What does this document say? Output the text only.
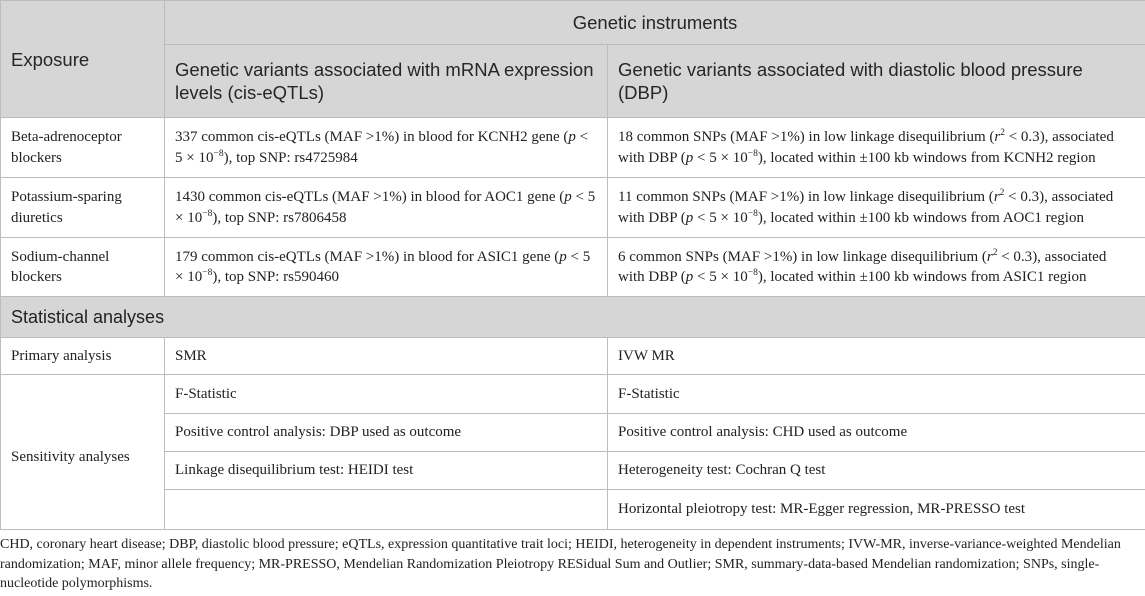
Exposure	Genetic instruments	
	Genetic variants associated with mRNA expression levels (cis-eQTLs)	Genetic variants associated with diastolic blood pressure (DBP)
Beta-adrenoceptor blockers	337 common cis-eQTLs (MAF >1%) in blood for KCNH2 gene $(p < 5 \times 10^{-8})$, top SNP: rs4725984	18 common SNPs (MAF >1%) in low linkage disequilibrium $(r^2 < 0.3)$, associated with DBP $(p < 5 \times 10^{-8})$, located within ±100 kb windows from KCNH2 region
Potassium-sparing diuretics	1430 common cis-eQTLs (MAF >1%) in blood for AOC1 gene $(p < 5 \times 10^{-8})$, top SNP: rs7806458	11 common SNPs (MAF >1%) in low linkage disequilibrium $(r^2 < 0.3)$, associated with DBP $(p < 5 \times 10^{-8})$, located within ±100 kb windows from AOC1 region
Sodium-channel blockers	179 common cis-eQTLs (MAF >1%) in blood for ASIC1 gene $(p < 5 \times 10^{-8})$, top SNP: rs590460	6 common SNPs (MAF >1%) in low linkage disequilibrium $(r^2 < 0.3)$, associated with DBP $(p < 5 \times 10^{-8})$, located within ±100 kb windows from ASIC1 region
Statistical analyses		
Primary analysis	SMR	IVW MR
Sensitivity analyses	F-Statistic	F-Statistic
	Positive control analysis: DBP used as outcome	Positive control analysis: CHD used as outcome
	Linkage disequilibrium test: HEIDI test	Heterogeneity test: Cochran Q test
		Horizontal pleiotropy test: MR-Egger regression, MR-PRESSO test
CHD, coronary heart disease; DBP, diastolic blood pressure; eQTLs, expression quantitative trait loci; HEIDI, heterogeneity in dependent instruments; IVW-MR, inverse-variance-weighted Mendelian randomization; MAF, minor allele frequency; MR-PRESSO, Mendelian Randomization Pleiotropy RESidual Sum and Outlier; SMR, summary-data-based Mendelian randomization; SNPs, single-nucleotide polymorphisms.
